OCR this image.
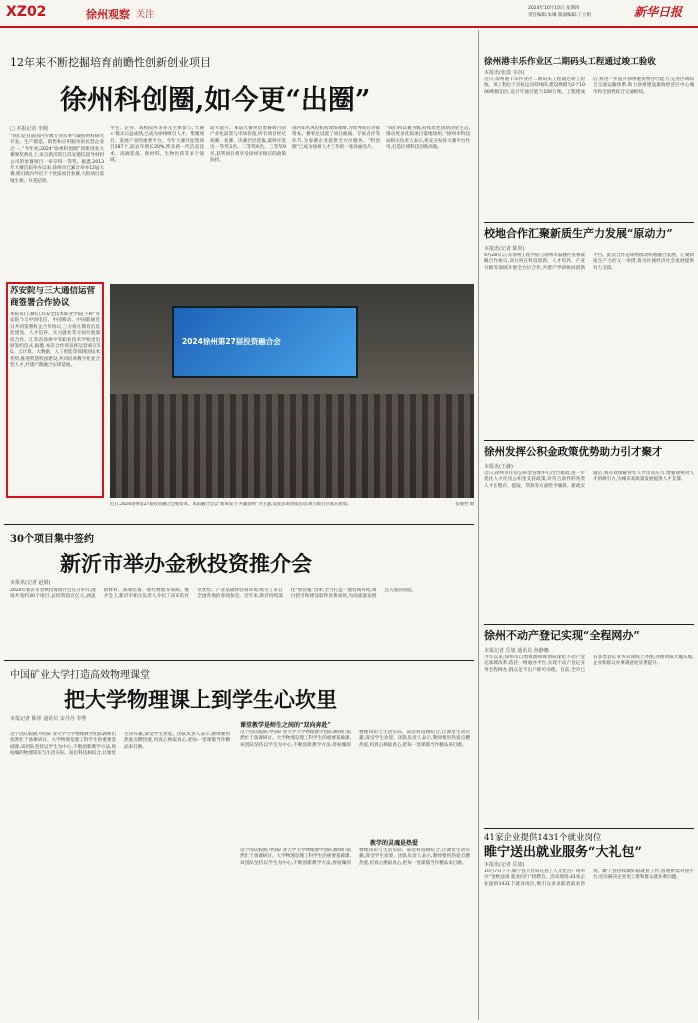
XZ02	徐州观察 关注
2024年10月10日 星期四
责任编辑:朱琳 版面编辑:丁立娟	新华日报
12年来不断挖掘培育前瞻性创新创业项目
徐州科创圈,如今更“出圈”
□ 本报记者 李刚
“我们是目前国内少数专业从事气凝胶材料研究开发、生产制造、销售和应用服务的民营企业之一。”今年初,2024“徐州科创圈”创新创业大赛颁奖典礼上,来自新沂的江苏安德信超导材料公司的参赛项目一举夺得一等奖。据悉,2013年大赛首届举办以来,徐州市已累计举办12届大赛,吸引海内外近千个优质项目参赛,大批项目落地生根、开花结果。
学生、企业、高校院所等多元主体参与,‘大赛+’模式日益成熟,已成为徐州吸引人才、集聚项目、发展产业的重要平台。今年大赛共征集项目287个,较去年增长20%,涉及新一代信息技术、高端装备、新材料、生物医药等多个领域。
较大提升。本届大赛突出参赛项目的产业化前景与市场价值,所有项目经过初赛、复赛、决赛层层选拔,最终评选出一等奖3名、二等奖6名、三等奖9名,获奖项目将享受徐州市相应的政策扶持。
国内知名风投机构现场观摩,为优秀项目对接资本。赛事还设置了项目路演、专家点评等环节,为参赛企业提供全方位服务。“科创圈”已成为徐州人才工作的一张亮丽名片。
“我们将以赛为媒,持续优化创新创业生态,推动更多优质项目落地徐州。”徐州市科技局相关负责人表示,将充分发挥大赛平台作用,打造区域科技创新高地。
苏安院与三大通信运营商签署合作协议
本报讯(王赫)江苏安全技术职业学院(下称“苏安院”)与中国电信、中国移动、中国联通近日共同签署校企合作协议,三方将在教育信息化建设、人才培养、实习就业等方面开展深度合作。江苏省徐州中等职业技术学校也出席签约仪式,据悉,本次合作将发挥运营商在5G、云计算、大数据、人工智能等领域的技术优势,推进智慧校园建设,共同培养数字化复合型人才,共建产教融合实训基地。
2024徐州第27届投资融合会
近日,2024徐州第27届投资融合会暨资本、本届融合会以“新域发力·共赢徐州”为主题,设置多场对接活动,吸引数百位嘉宾参加。	张俊哲 摄
30个项目集中签约
新沂市举办金秋投资推介会
本报讯(记者 赵娟)
2024年新沂市金秋投资推介会近日举行,现场共签约30个项目,总投资超百亿元,涵盖新材料、高端装备、现代物流等领域。推介会上,新沂市相关负责人介绍了该市的区位优势、产业基础和营商环境,吸引了来自全国各地的客商参会。近年来,新沂持续深化“放管服”改革,全力打造一流营商环境,项目招引和建设取得显著成效,为高质量发展注入强劲动能。
中国矿业大学打造高效物理课堂
把大学物理课上到学生心坎里
本报记者 陈彤 通讯员 宋丹丹 李秀
这个国庆假期,中国矿业大学大学物理教学团队教师们依然忙于备课研讨。大学物理是理工科学生的重要基础课,该团队坚持以学生为中心,不断创新教学方法,将枯燥的物理知识与生活实际、前沿科技相结合,让课堂生动有趣,深受学生欢迎。团队负责人表示,教师要用热爱点燃热爱,用真心换取真心,把每一堂课都当作精品来打磨。
课堂教学是师生之间的“双向奔赴”
这个国庆假期,中国矿业大学大学物理教学团队教师们依然忙于备课研讨。大学物理是理工科学生的重要基础课,该团队坚持以学生为中心,不断创新教学方法,将枯燥的物理知识与生活实际、前沿科技相结合,让课堂生动有趣,深受学生欢迎。团队负责人表示,教师要用热爱点燃热爱,用真心换取真心,把每一堂课都当作精品来打磨。
教学的灵魂是热爱
这个国庆假期,中国矿业大学大学物理教学团队教师们依然忙于备课研讨。大学物理是理工科学生的重要基础课,该团队坚持以学生为中心,不断创新教学方法,将枯燥的物理知识与生活实际、前沿科技相结合,让课堂生动有趣,深受学生欢迎。团队负责人表示,教师要用热爱点燃热爱,用真心换取真心,把每一堂课都当作精品来打磨。
徐州港丰乐作业区二期码头工程通过竣工验收
本报讯(张漠 韦谷)
近日,徐州港丰乐作业区二期码头工程通过竣工验收。该工程位于京杭运河邳州段,建设规模为2个1000吨级泊位,设计年通过能力100万吨。工程建成后,将进一步提升徐州港货物吞吐能力,完善区域综合交通运输体系,助力徐州建设淮海经济区中心城市和全国性综合交通枢纽。
校地合作汇聚新质生产力发展“原动力”
本报讯(记者 陈彤)
9月28日,江苏徐州工程学院与徐州市鼓楼区签署战略合作协议,双方将在科技创新、人才培养、产业升级等领域开展全方位合作,共建产学研协同创新平台。此次合作是徐州推动校地融合发展、汇聚新质生产力的又一举措,将为区域经济社会发展提供有力支撑。
徐州发挥公积金政策优势助力引才聚才
本报讯(王赫)
近日,徐州市住房公积金管理中心出台新政,进一步优化人才住房公积金支持政策,对符合条件的各类人才在缴存、提取、贷款等方面给予倾斜。新政实施后,将有效缓解青年人才住房压力,增强徐州对人才的吸引力,为城市高质量发展提供人才支撑。
徐州不动产登记实现“全程网办”
本报记者 岳旭 通讯员 孙静娜
今年以来,徐州市自然资源和规划局深化不动产登记领域改革,依托一网通办平台,实现不动产登记业务全程网办,群众足不出户即可办理。目前,全市已有多类登记业务实现线上办理,办理时限大幅压缩,企业和群众办事满意度显著提升。
41家企业提供1431个就业岗位
睢宁送出就业服务“大礼包”
本报讯(记者 岳旭)
10月7日下午,睢宁县人社局在县工人文化宫广场举办“金秋送岗 就业同行”招聘会。活动现场,41家企业提供1431个就业岗位,吸引众多求职者前来咨询。睢宁县持续做好稳就业工作,搭建供需对接平台,切实解决企业用工难和群众就业难问题。
